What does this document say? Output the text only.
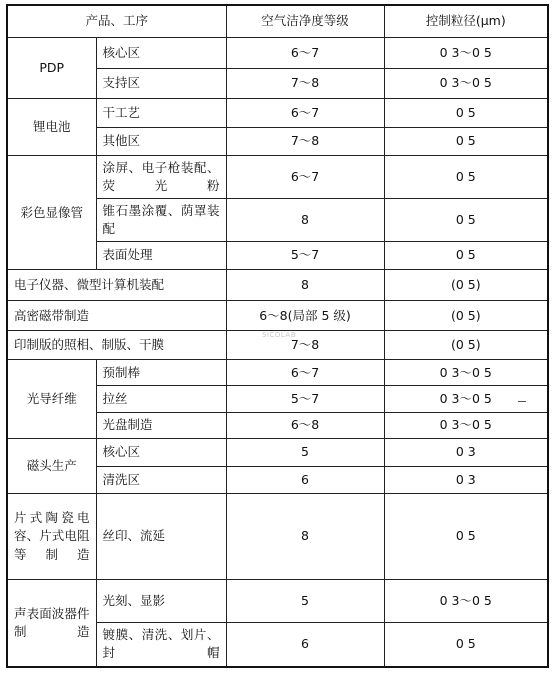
产品、工序		空气洁净度等级	控制粒径(μm)
PDP	核心区	6～7	0 3～0 5
	支持区	7～8	0 3～0 5
锂电池	干工艺	6～7	0 5
	其他区	7～8	0 5
彩色显像管	涂屏、电子枪装配、荧光粉	6～7	0 5
	锥石墨涂覆、荫罩装配	8	0 5
	表面处理	5～7	0 5
电子仪器、微型计算机装配		8	(0 5)
高密磁带制造		6～8(局部 5 级)	(0 5)
印制版的照相、制版、干膜		7～8	(0 5)
光导纤维	预制棒	6～7	0 3～0 5
	拉丝	5～7	0 3～0 5
	光盘制造	6～8	0 3～0 5
磁头生产	核心区	5	0 3
	清洗区	6	0 3
片式陶瓷电容、片式电阻等制造	丝印、流延	8	0 5
声表面波器件制造	光刻、显影	5	0 3～0 5
	镀膜、清洗、划片、封帽	6	0 5
SICOLAB
